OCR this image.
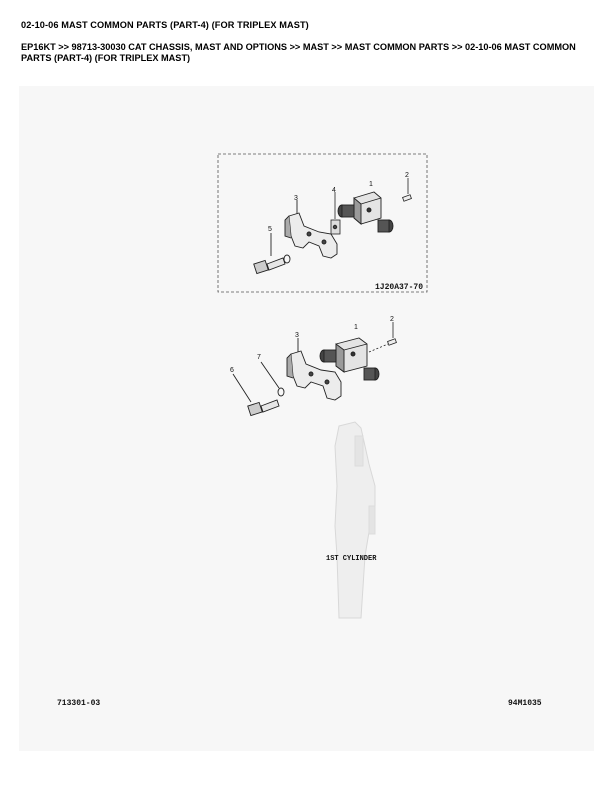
02-10-06 MAST COMMON PARTS (PART-4) (FOR TRIPLEX MAST)
EP16KT >> 98713-30030 CAT CHASSIS, MAST AND OPTIONS >> MAST >> MAST COMMON PARTS >> 02-10-06 MAST COMMON PARTS (PART-4) (FOR TRIPLEX MAST)
1
2
3
4
5
1J20A37-70
1
2
3
6
7
1ST CYLINDER
713301-03	94M1035
